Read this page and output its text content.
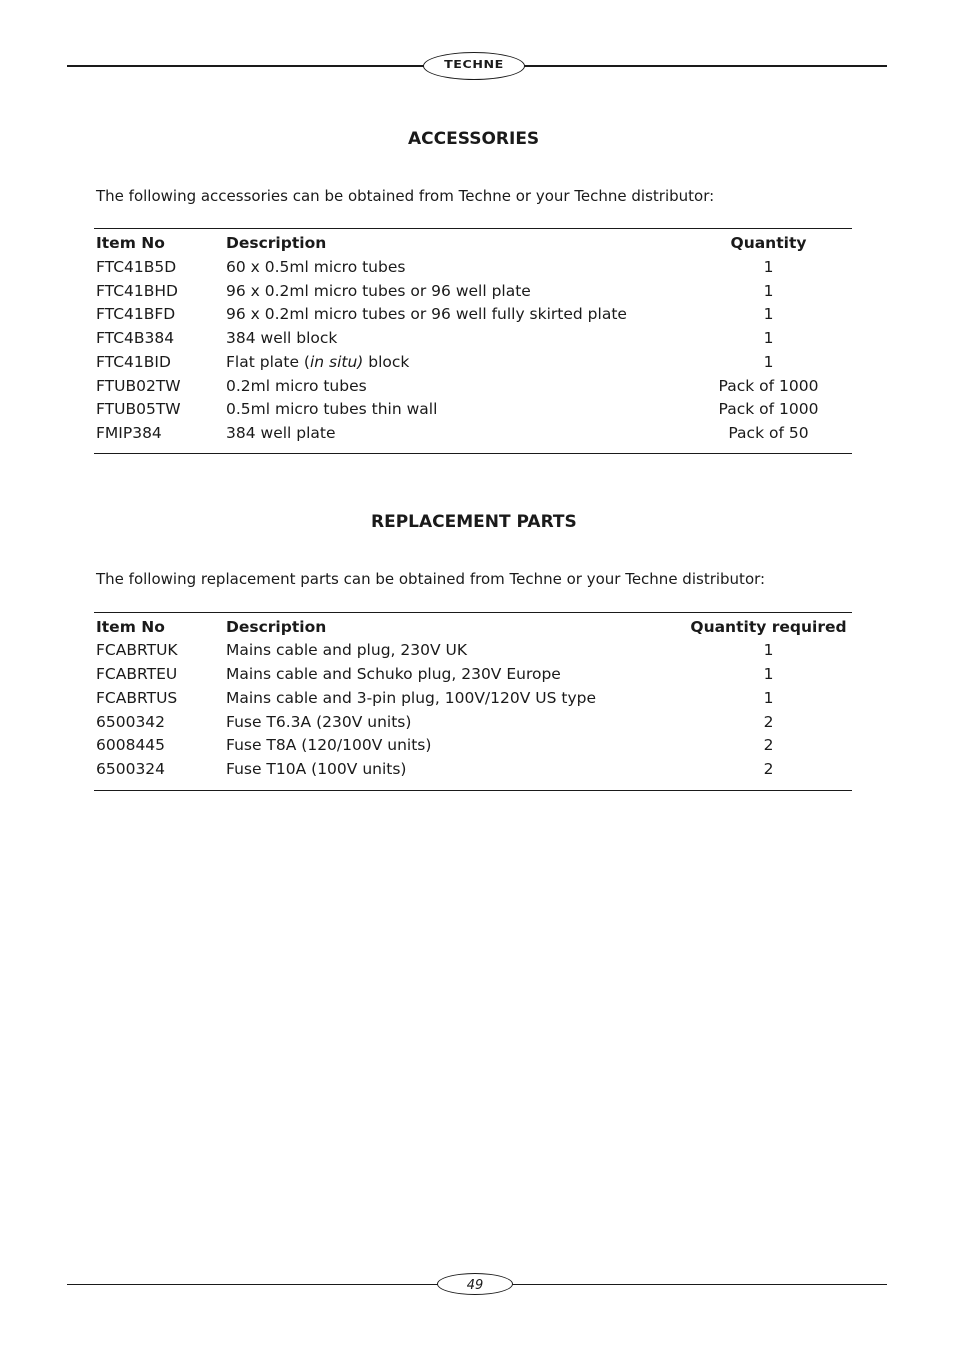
TECHNE
ACCESSORIES

The following accessories can be obtained from Techne or your Techne distributor:

Item No	Description	Quantity
FTC41B5D	60 x 0.5ml micro tubes	1
FTC41BHD	96 x 0.2ml micro tubes or 96 well plate	1
FTC41BFD	96 x 0.2ml micro tubes or 96 well fully skirted plate	1
FTC4B384	384 well block	1
FTC41BID	Flat plate (in situ) block	1
FTUB02TW	0.2ml micro tubes	Pack of 1000
FTUB05TW	0.5ml micro tubes thin wall	Pack of 1000
FMIP384	384 well plate	Pack of 50
REPLACEMENT PARTS

The following replacement parts can be obtained from Techne or your Techne distributor:

Item No	Description	Quantity required
FCABRTUK	Mains cable and plug, 230V UK	1
FCABRTEU	Mains cable and Schuko plug, 230V Europe	1
FCABRTUS	Mains cable and 3-pin plug, 100V/120V US type	1
6500342	Fuse T6.3A (230V units)	2
6008445	Fuse T8A (120/100V units)	2
6500324	Fuse T10A (100V units)	2
49
